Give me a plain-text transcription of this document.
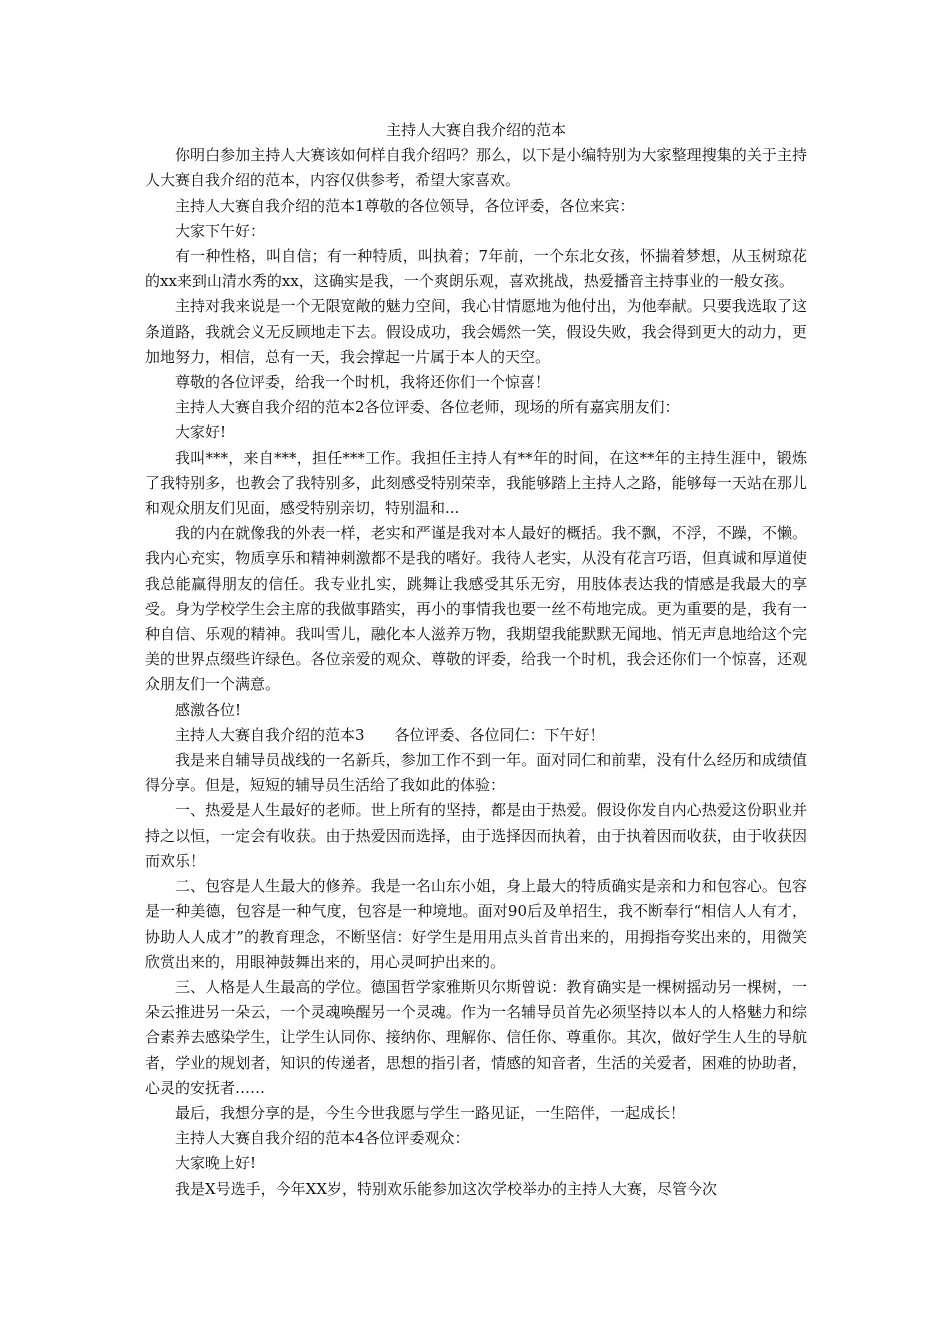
主持人大赛自我介绍的范本

你明白参加主持人大赛该如何样自我介绍吗？那么，以下是小编特别为大家整理搜集的关于主持人大赛自我介绍的范本，内容仅供参考，希望大家喜欢。

主持人大赛自我介绍的范本1尊敬的各位领导，各位评委，各位来宾：

大家下午好：

有一种性格，叫自信；有一种特质，叫执着；7年前，一个东北女孩，怀揣着梦想，从玉树琼花的xx来到山清水秀的xx，这确实是我，一个爽朗乐观，喜欢挑战，热爱播音主持事业的一般女孩。

主持对我来说是一个无限宽敞的魅力空间，我心甘情愿地为他付出，为他奉献。只要我选取了这条道路，我就会义无反顾地走下去。假设成功，我会嫣然一笑，假设失败，我会得到更大的动力，更加地努力，相信，总有一天，我会撑起一片属于本人的天空。

尊敬的各位评委，给我一个时机，我将还你们一个惊喜！

主持人大赛自我介绍的范本2各位评委、各位老师，现场的所有嘉宾朋友们：

大家好!

我叫***，来自***，担任***工作。我担任主持人有**年的时间，在这**年的主持生涯中，锻炼了我特别多，也教会了我特别多，此刻感受特别荣幸，我能够踏上主持人之路，能够每一天站在那儿和观众朋友们见面，感受特别亲切，特别温和...

我的内在就像我的外表一样，老实和严谨是我对本人最好的概括。我不飘，不浮，不躁，不懒。我内心充实，物质享乐和精神刺激都不是我的嗜好。我待人老实，从没有花言巧语，但真诚和厚道使我总能赢得朋友的信任。我专业扎实，跳舞让我感受其乐无穷，用肢体表达我的情感是我最大的享受。身为学校学生会主席的我做事踏实，再小的事情我也要一丝不苟地完成。更为重要的是，我有一种自信、乐观的精神。我叫雪儿，融化本人滋养万物，我期望我能默默无闻地、悄无声息地给这个完美的世界点缀些许绿色。各位亲爱的观众、尊敬的评委，给我一个时机，我会还你们一个惊喜，还观众朋友们一个满意。

感激各位!

主持人大赛自我介绍的范本3　　各位评委、各位同仁：下午好！

我是来自辅导员战线的一名新兵，参加工作不到一年。面对同仁和前辈，没有什么经历和成绩值得分享。但是，短短的辅导员生活给了我如此的体验：

一、热爱是人生最好的老师。世上所有的坚持，都是由于热爱。假设你发自内心热爱这份职业并持之以恒，一定会有收获。由于热爱因而选择，由于选择因而执着，由于执着因而收获，由于收获因而欢乐！

二、包容是人生最大的修养。我是一名山东小姐，身上最大的特质确实是亲和力和包容心。包容是一种美德，包容是一种气度，包容是一种境地。面对90后及单招生，我不断奉行“相信人人有才，协助人人成才”的教育理念，不断坚信：好学生是用用点头首肯出来的，用拇指夸奖出来的，用微笑欣赏出来的，用眼神鼓舞出来的，用心灵呵护出来的。

三、人格是人生最高的学位。德国哲学家雅斯贝尔斯曾说：教育确实是一棵树摇动另一棵树，一朵云推进另一朵云，一个灵魂唤醒另一个灵魂。作为一名辅导员首先必须坚持以本人的人格魅力和综合素养去感染学生，让学生认同你、接纳你、理解你、信任你、尊重你。其次，做好学生人生的导航者，学业的规划者，知识的传递者，思想的指引者，情感的知音者，生活的关爱者，困难的协助者，心灵的安抚者……

最后，我想分享的是，今生今世我愿与学生一路见证，一生陪伴，一起成长！

主持人大赛自我介绍的范本4各位评委观众：

大家晚上好!

我是X号选手，今年XX岁，特别欢乐能参加这次学校举办的主持人大赛，尽管今次
